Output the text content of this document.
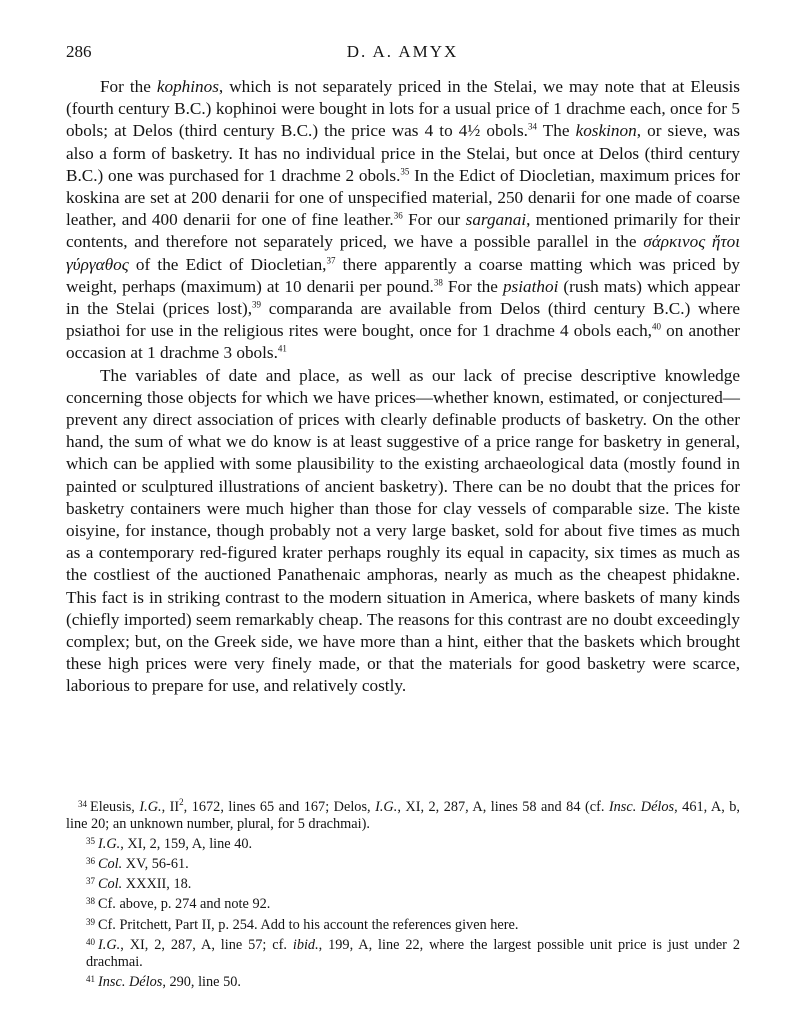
286	D. A. AMYX

For the kophinos, which is not separately priced in the Stelai, we may note that at Eleusis (fourth century B.C.) kophinoi were bought in lots for a usual price of 1 drachme each, once for 5 obols; at Delos (third century B.C.) the price was 4 to 4½ obols.$^{34}$ The koskinon, or sieve, was also a form of basketry. It has no individual price in the Stelai, but once at Delos (third century B.C.) one was purchased for 1 drachme 2 obols.$^{35}$ In the Edict of Diocletian, maximum prices for koskina are set at 200 denarii for one of unspecified material, 250 denarii for one made of coarse leather, and 400 denarii for one of fine leather.$^{36}$ For our sarganai, mentioned primarily for their contents, and therefore not separately priced, we have a possible parallel in the σάρκινος ἤτοι γύργαθος of the Edict of Diocletian,$^{37}$ there apparently a coarse matting which was priced by weight, perhaps (maximum) at 10 denarii per pound.$^{38}$ For the psiathoi (rush mats) which appear in the Stelai (prices lost),$^{39}$ comparanda are available from Delos (third century B.C.) where psiathoi for use in the religious rites were bought, once for 1 drachme 4 obols each,$^{40}$ on another occasion at 1 drachme 3 obols.$^{41}$

The variables of date and place, as well as our lack of precise descriptive knowledge concerning those objects for which we have prices—whether known, estimated, or conjectured—prevent any direct association of prices with clearly definable products of basketry. On the other hand, the sum of what we do know is at least suggestive of a price range for basketry in general, which can be applied with some plausibility to the existing archaeological data (mostly found in painted or sculptured illustrations of ancient basketry). There can be no doubt that the prices for basketry containers were much higher than those for clay vessels of comparable size. The kiste oisyine, for instance, though probably not a very large basket, sold for about five times as much as a contemporary red-figured krater perhaps roughly its equal in capacity, six times as much as the costliest of the auctioned Panathenaic amphoras, nearly as much as the cheapest phidakne. This fact is in striking contrast to the modern situation in America, where baskets of many kinds (chiefly imported) seem remarkably cheap. The reasons for this contrast are no doubt exceedingly complex; but, on the Greek side, we have more than a hint, either that the baskets which brought these high prices were very finely made, or that the materials for good basketry were scarce, laborious to prepare for use, and relatively costly.

$^{34}$ Eleusis, I.G., $II^2$, 1672, lines 65 and 167; Delos, I.G., XI, 2, 287, A, lines 58 and 84 (cf. Insc. Délos, 461, A, b, line 20; an unknown number, plural, for 5 drachmai).

$^{35}$ I.G., XI, 2, 159, A, line 40.

$^{36}$ Col. XV, 56-61.

$^{37}$ Col. XXXII, 18.

$^{38}$ Cf. above, p. 274 and note 92.

$^{39}$ Cf. Pritchett, Part II, p. 254. Add to his account the references given here.

$^{40}$ I.G., XI, 2, 287, A, line 57; cf. ibid., 199, A, line 22, where the largest possible unit price is just under 2 drachmai.

$^{41}$ Insc. Délos, 290, line 50.
